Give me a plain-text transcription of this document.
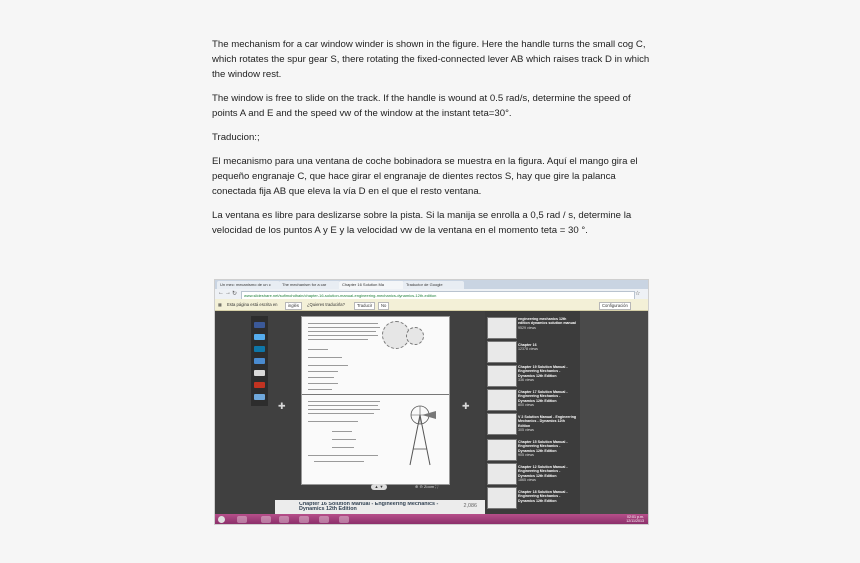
The mechanism for a car window winder is shown in the figure. Here the handle turns the small cog C, which rotates the spur gear S, there rotating the fixed-connected lever AB which raises track D in which the window rest.

The window is free to slide on the track. If the handle is wound at 0.5 rad/s, determine the speed of points A and E and the speed vw of the window at the instant teta=30°.

Traducion:;

El mecanismo para una ventana de coche bobinadora se muestra en la figura. Aquí el mango gira el pequeño engranaje C, que hace girar el engranaje de dientes rectos S, hay que gire la palanca conectada fija AB que eleva la vía D en el que el resto ventana.

La ventana es libre para deslizarse sobre la pista. Si la manija se enrolla a 0,5 rad / s, determine la velocidad de los puntos A y E y la velocidad vw de la ventana en el momento teta = 30 °.

Un mec: mecanismo de un c	The mechanism for a car	Chapter 16 Solution Ma	Traductor de Google
← → ↻	www.slideshare.net/sufimohdhain/chapter-16-solution-manual-engineering-mechanics-dynamics-12th-edition	☆
▦ Esta página está escrita en	inglés	¿Quieres traducirla?	Traducir	No	Configuración
✚	✚
▲ ▼	⊕ ⊖ Zoom ⛶
engineering mechanics 12th edition dynamics solution manual
9529 views
Chapter 16
12378 views
Chapter 19 Solution Manual - Engineering Mechanics - Dynamics 12th Edition
336 views
Chapter 17 Solution Manual - Engineering Mechanics - Dynamics 12th Edition
800 views
V 2 Solution Manual - Engineering Mechanics - Dynamics 12th Edition
305 views
Chapter 15 Solution Manual - Engineering Mechanics - Dynamics 12th Edition
905 views
Chapter 12 Solution Manual - Engineering Mechanics - Dynamics 12th Edition
1865 views
Chapter 18 Solution Manual - Engineering Mechanics - Dynamics 12th Edition

Chapter 16 Solution Manual - Engineering Mechanics - Dynamics 12th Edition
2,086
02:01 p.m.
12/11/2013
